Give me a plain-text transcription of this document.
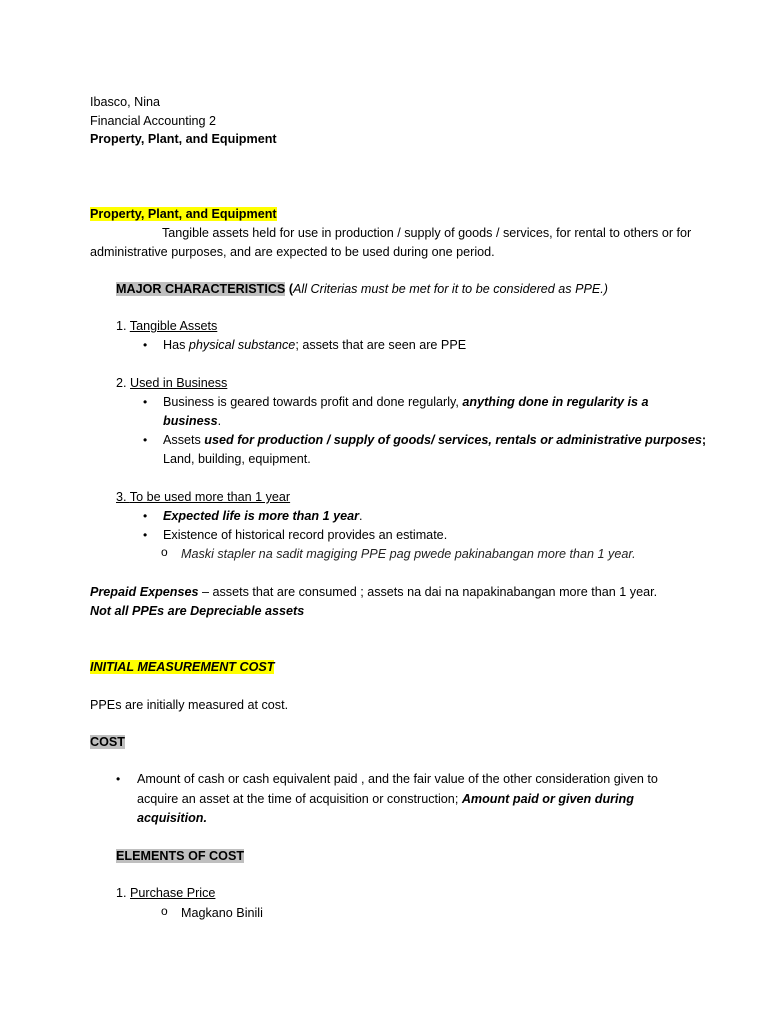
Ibasco, Nina
Financial Accounting 2
Property, Plant, and Equipment
Property, Plant, and Equipment
Tangible assets held for use in production / supply of goods / services, for rental to others or for
administrative purposes, and are expected to be used during one period.
MAJOR CHARACTERISTICS (All Criterias must be met for it to be considered as PPE.)
1. Tangible Assets
• Has physical substance; assets that are seen are PPE
2. Used in Business
• Business is geared towards profit and done regularly, anything done in regularity is a
business.
• Assets used for production / supply of goods/ services, rentals or administrative purposes;
Land, building, equipment.
3. To be used more than 1 year
• Expected life is more than 1 year.
• Existence of historical record provides an estimate.
o Maski stapler na sadit magiging PPE pag pwede pakinabangan more than 1 year.
Prepaid Expenses – assets that are consumed ; assets na dai na napakinabangan more than 1 year.
Not all PPEs are Depreciable assets
INITIAL MEASUREMENT COST
PPEs are initially measured at cost.
COST
• Amount of cash or cash equivalent paid , and the fair value of the other consideration given to
acquire an asset at the time of acquisition or construction; Amount paid or given during
acquisition.
ELEMENTS OF COST
1. Purchase Price
o Magkano Binili
